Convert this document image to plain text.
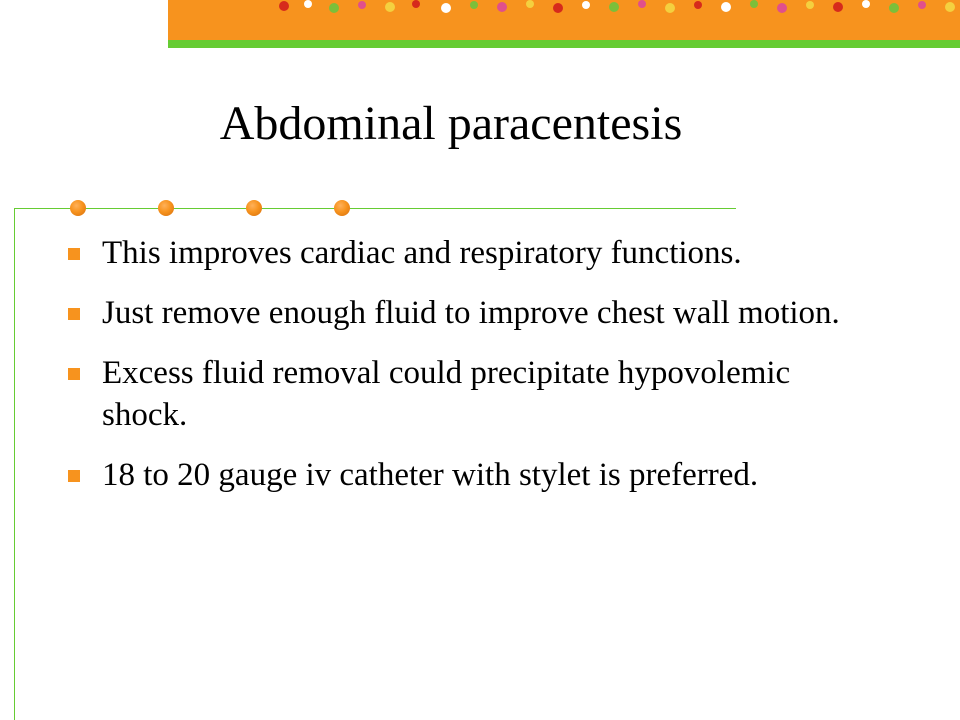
Abdominal paracentesis
This improves cardiac and respiratory functions.
Just remove enough fluid to improve chest wall motion.
Excess fluid removal could precipitate hypovolemic shock.
18 to 20 gauge iv catheter with stylet is preferred.
